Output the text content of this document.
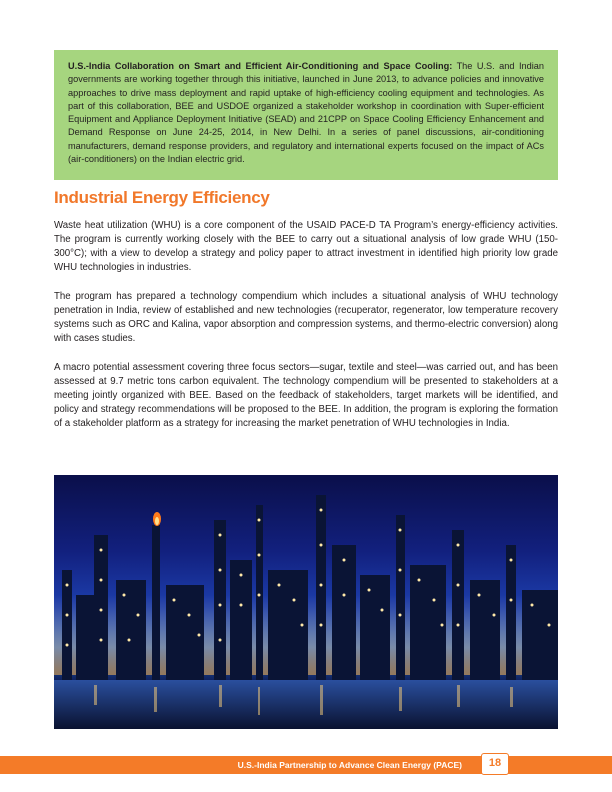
U.S.-India Collaboration on Smart and Efficient Air-Conditioning and Space Cooling: The U.S. and Indian governments are working together through this initiative, launched in June 2013, to advance policies and innovative approaches to drive mass deployment and rapid uptake of high-efficiency cooling equipment and technologies. As part of this collaboration, BEE and USDOE organized a stakeholder workshop in coordination with Super-efficient Equipment and Appliance Deployment Initiative (SEAD) and 21CPP on Space Cooling Efficiency Enhancement and Demand Response on June 24-25, 2014, in New Delhi. In a series of panel discussions, air-conditioning manufacturers, demand response providers, and regulatory and international experts focused on the impact of ACs (air-conditioners) on the Indian electric grid.
Industrial Energy Efficiency

Waste heat utilization (WHU) is a core component of the USAID PACE-D TA Program’s energy-efficiency activities. The program is currently working closely with the BEE to carry out a situational analysis of low grade WHU (150-300°C); with a view to develop a strategy and policy paper to attract investment in identified high priority low grade WHU technologies in industries.

The program has prepared a technology compendium which includes a situational analysis of WHU technology penetration in India, review of established and new technologies (recuperator, regenerator, low temperature recovery systems such as ORC and Kalina, vapor absorption and compression systems, and thermo-electric conversion) along with cases studies.

A macro potential assessment covering three focus sectors—sugar, textile and steel—was carried out, and has been assessed at 9.7 metric tons carbon equivalent. The technology compendium will be presented to stakeholders at a meeting jointly organized with BEE. Based on the feedback of stakeholders, target markets will be identified, and policy and strategy recommendations will be proposed to the BEE. In addition, the program is exploring the formation of a stakeholder platform as a strategy for increasing the market penetration of WHU technologies in India.

U.S.-India Partnership to Advance Clean Energy (PACE)	18
